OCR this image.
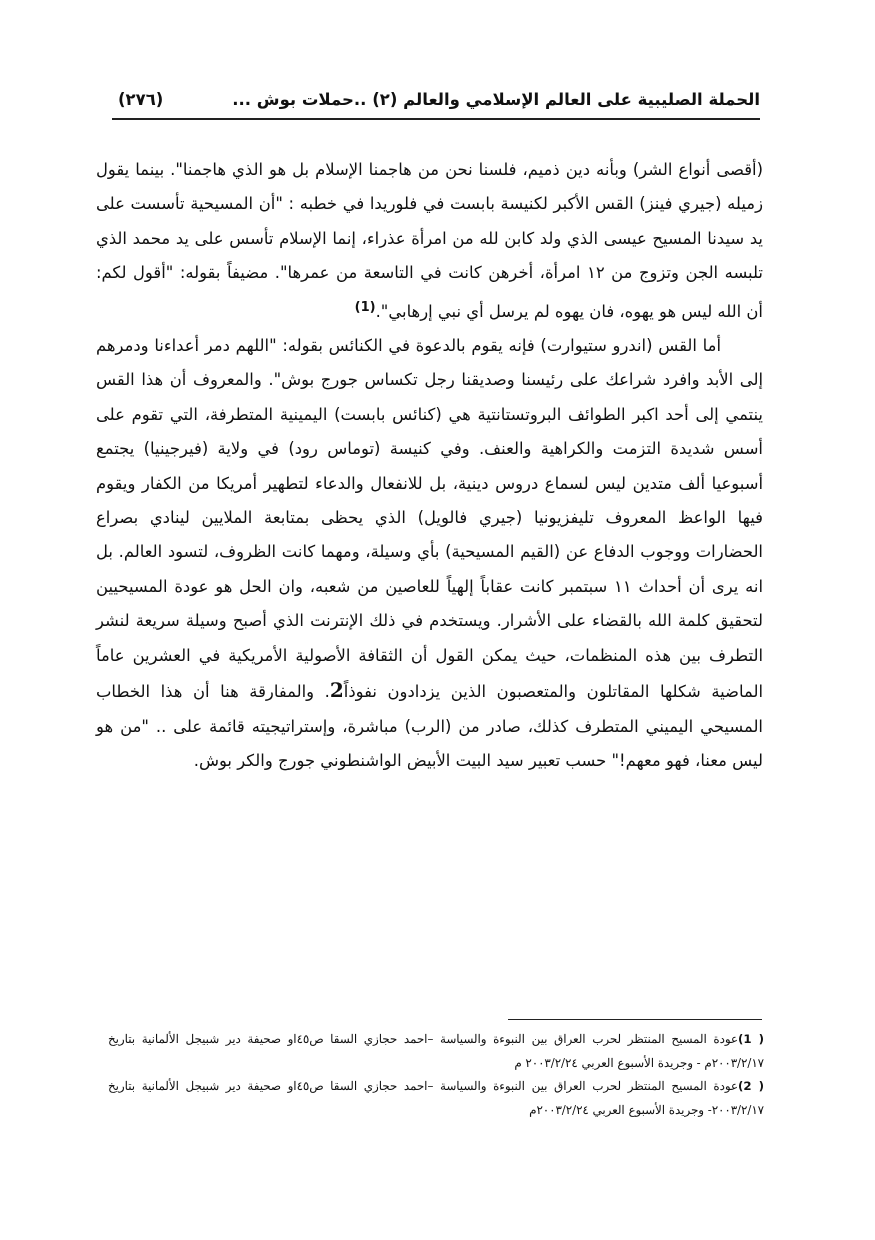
الحملة الصليبية على العالم الإسلامي والعالم (٢) ..حملات بوش ...
(٢٧٦)

(أقصى أنواع الشر) وبأنه دين ذميم، فلسنا نحن من هاجمنا الإسلام بل هو الذي هاجمنا". بينما يقول زميله (جيري فينز) القس الأكبر لكنيسة بابست في فلوريدا في خطبه : "أن المسيحية تأسست على يد سيدنا المسيح عيسى الذي ولد كابن لله من امرأة عذراء، إنما الإسلام تأسس على يد محمد الذي تلبسه الجن وتزوج من ١٢ امرأة، أخرهن كانت في التاسعة من عمرها". مضيفاً بقوله: "أقول لكم: أن الله ليس هو يهوه، فان يهوه لم يرسل أي نبي إرهابي".$^{(1)}$

أما القس (اندرو ستيوارت) فإنه يقوم بالدعوة في الكنائس بقوله: "اللهم دمر أعداءنا ودمرهم إلى الأبد وافرد شراعك على رئيسنا وصديقنا رجل تكساس جورج بوش". والمعروف أن هذا القس ينتمي إلى أحد اكبر الطوائف البروتستانتية هي (كنائس بابست) اليمينية المتطرفة، التي تقوم على أسس شديدة التزمت والكراهية والعنف. وفي كنيسة (توماس رود) في ولاية (فيرجينيا) يجتمع أسبوعيا ألف متدين ليس لسماع دروس دينية، بل للانفعال والدعاء لتطهير أمريكا من الكفار ويقوم فيها الواعظ المعروف تليفزيونيا (جيري فالويل) الذي يحظى بمتابعة الملايين لينادي بصراع الحضارات ووجوب الدفاع عن (القيم المسيحية) بأي وسيلة، ومهما كانت الظروف، لتسود العالم. بل انه يرى أن أحداث ١١ سبتمبر كانت عقاباً إلهياً للعاصين من شعبه، وان الحل هو عودة المسيحيين لتحقيق كلمة الله بالقضاء على الأشرار. ويستخدم في ذلك الإنترنت الذي أصبح وسيلة سريعة لنشر التطرف بين هذه المنظمات، حيث يمكن القول أن الثقافة الأصولية الأمريكية في العشرين عاماً الماضية شكلها المقاتلون والمتعصبون الذين يزدادون نفوذاً2. والمفارقة هنا أن هذا الخطاب المسيحي اليميني المتطرف كذلك، صادر من (الرب) مباشرة، وإستراتيجيته قائمة على .. "من هو ليس معنا، فهو معهم!" حسب تعبير سيد البيت الأبيض الواشنطوني جورج والكر بوش.

( 1)عودة المسيح المنتظر لحرب العراق بين النبوءة والسياسة –احمد حجازي السقا ص٤٥او صحيفة دير شبيجل الألمانية بتاريخ ٢٠٠٣/٢/١٧م - وجريدة الأسبوع العربي ٢٠٠٣/٢/٢٤ م

( 2)عودة المسيح المنتظر لحرب العراق بين النبوءة والسياسة –احمد حجازي السقا ص٤٥او صحيفة دير شبيجل الألمانية بتاريخ ٢٠٠٣/٢/١٧- وجريدة الأسبوع العربي ٢٠٠٣/٢/٢٤م
